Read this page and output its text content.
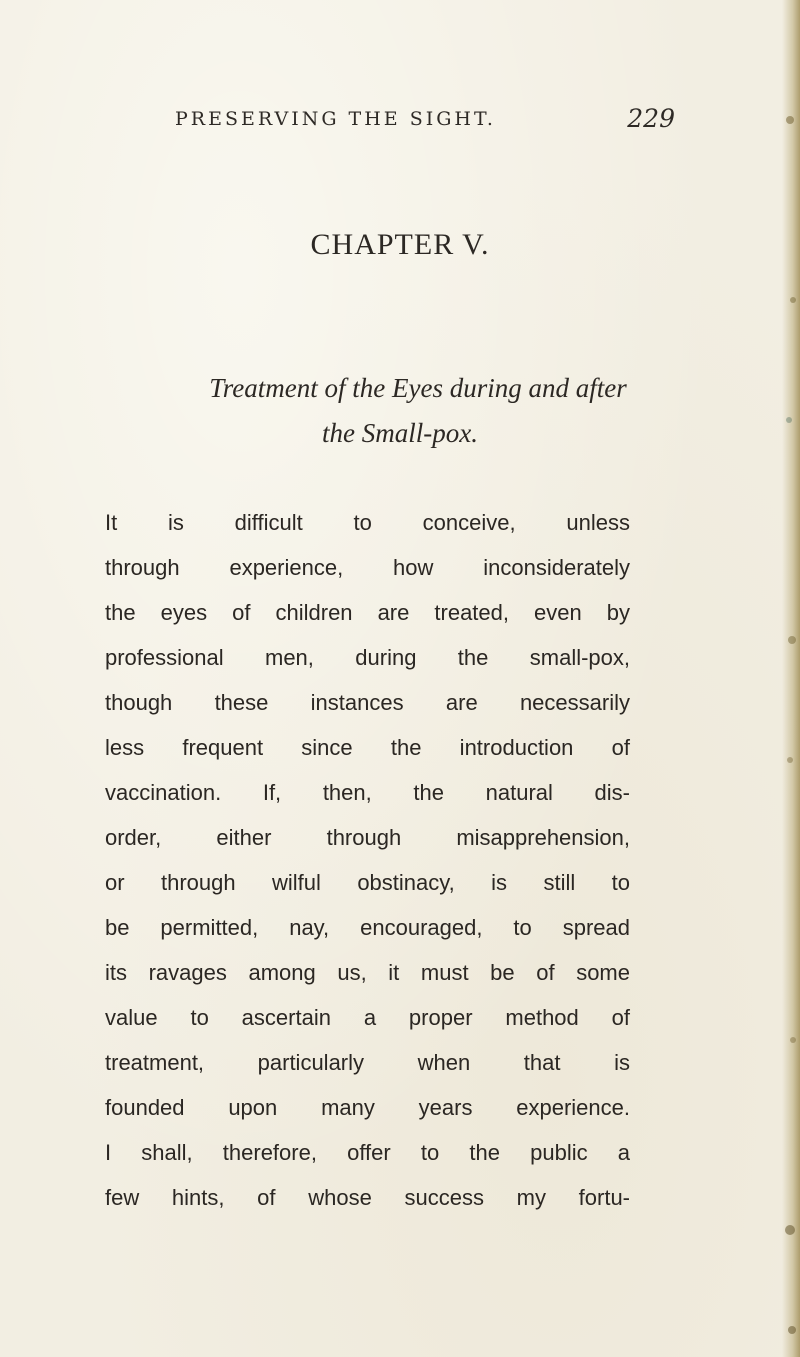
PRESERVING THE SIGHT.	229
CHAPTER V.
Treatment of the Eyes during and after
the Small-pox.
It is difficult to conceive, unless
through experience, how inconsiderately
the eyes of children are treated, even by
professional men, during the small-pox,
though these instances are necessarily
less frequent since the introduction of
vaccination. If, then, the natural dis-
order, either through misapprehension,
or through wilful obstinacy, is still to
be permitted, nay, encouraged, to spread
its ravages among us, it must be of some
value to ascertain a proper method of
treatment, particularly when that is
founded upon many years experience.
I shall, therefore, offer to the public a
few hints, of whose success my fortu-
